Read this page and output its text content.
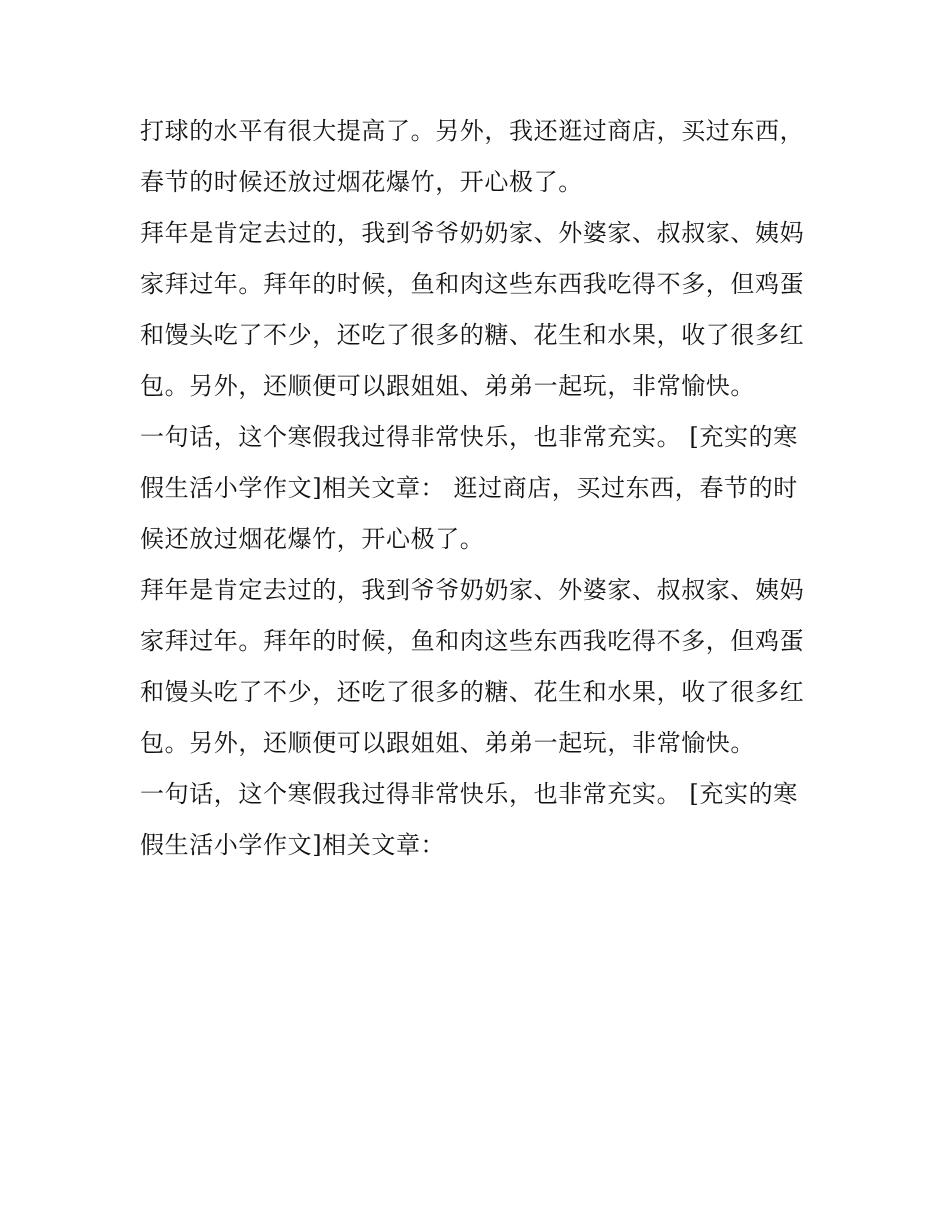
打球的水平有很大提高了。另外，我还逛过商店，买过东西，
春节的时候还放过烟花爆竹，开心极了。
拜年是肯定去过的，我到爷爷奶奶家、外婆家、叔叔家、姨妈
家拜过年。拜年的时候，鱼和肉这些东西我吃得不多，但鸡蛋
和馒头吃了不少，还吃了很多的糖、花生和水果，收了很多红
包。另外，还顺便可以跟姐姐、弟弟一起玩，非常愉快。
一句话，这个寒假我过得非常快乐，也非常充实。 [充实的寒
假生活小学作文]相关文章： 逛过商店，买过东西，春节的时
候还放过烟花爆竹，开心极了。
拜年是肯定去过的，我到爷爷奶奶家、外婆家、叔叔家、姨妈
家拜过年。拜年的时候，鱼和肉这些东西我吃得不多，但鸡蛋
和馒头吃了不少，还吃了很多的糖、花生和水果，收了很多红
包。另外，还顺便可以跟姐姐、弟弟一起玩，非常愉快。
一句话，这个寒假我过得非常快乐，也非常充实。 [充实的寒
假生活小学作文]相关文章：
